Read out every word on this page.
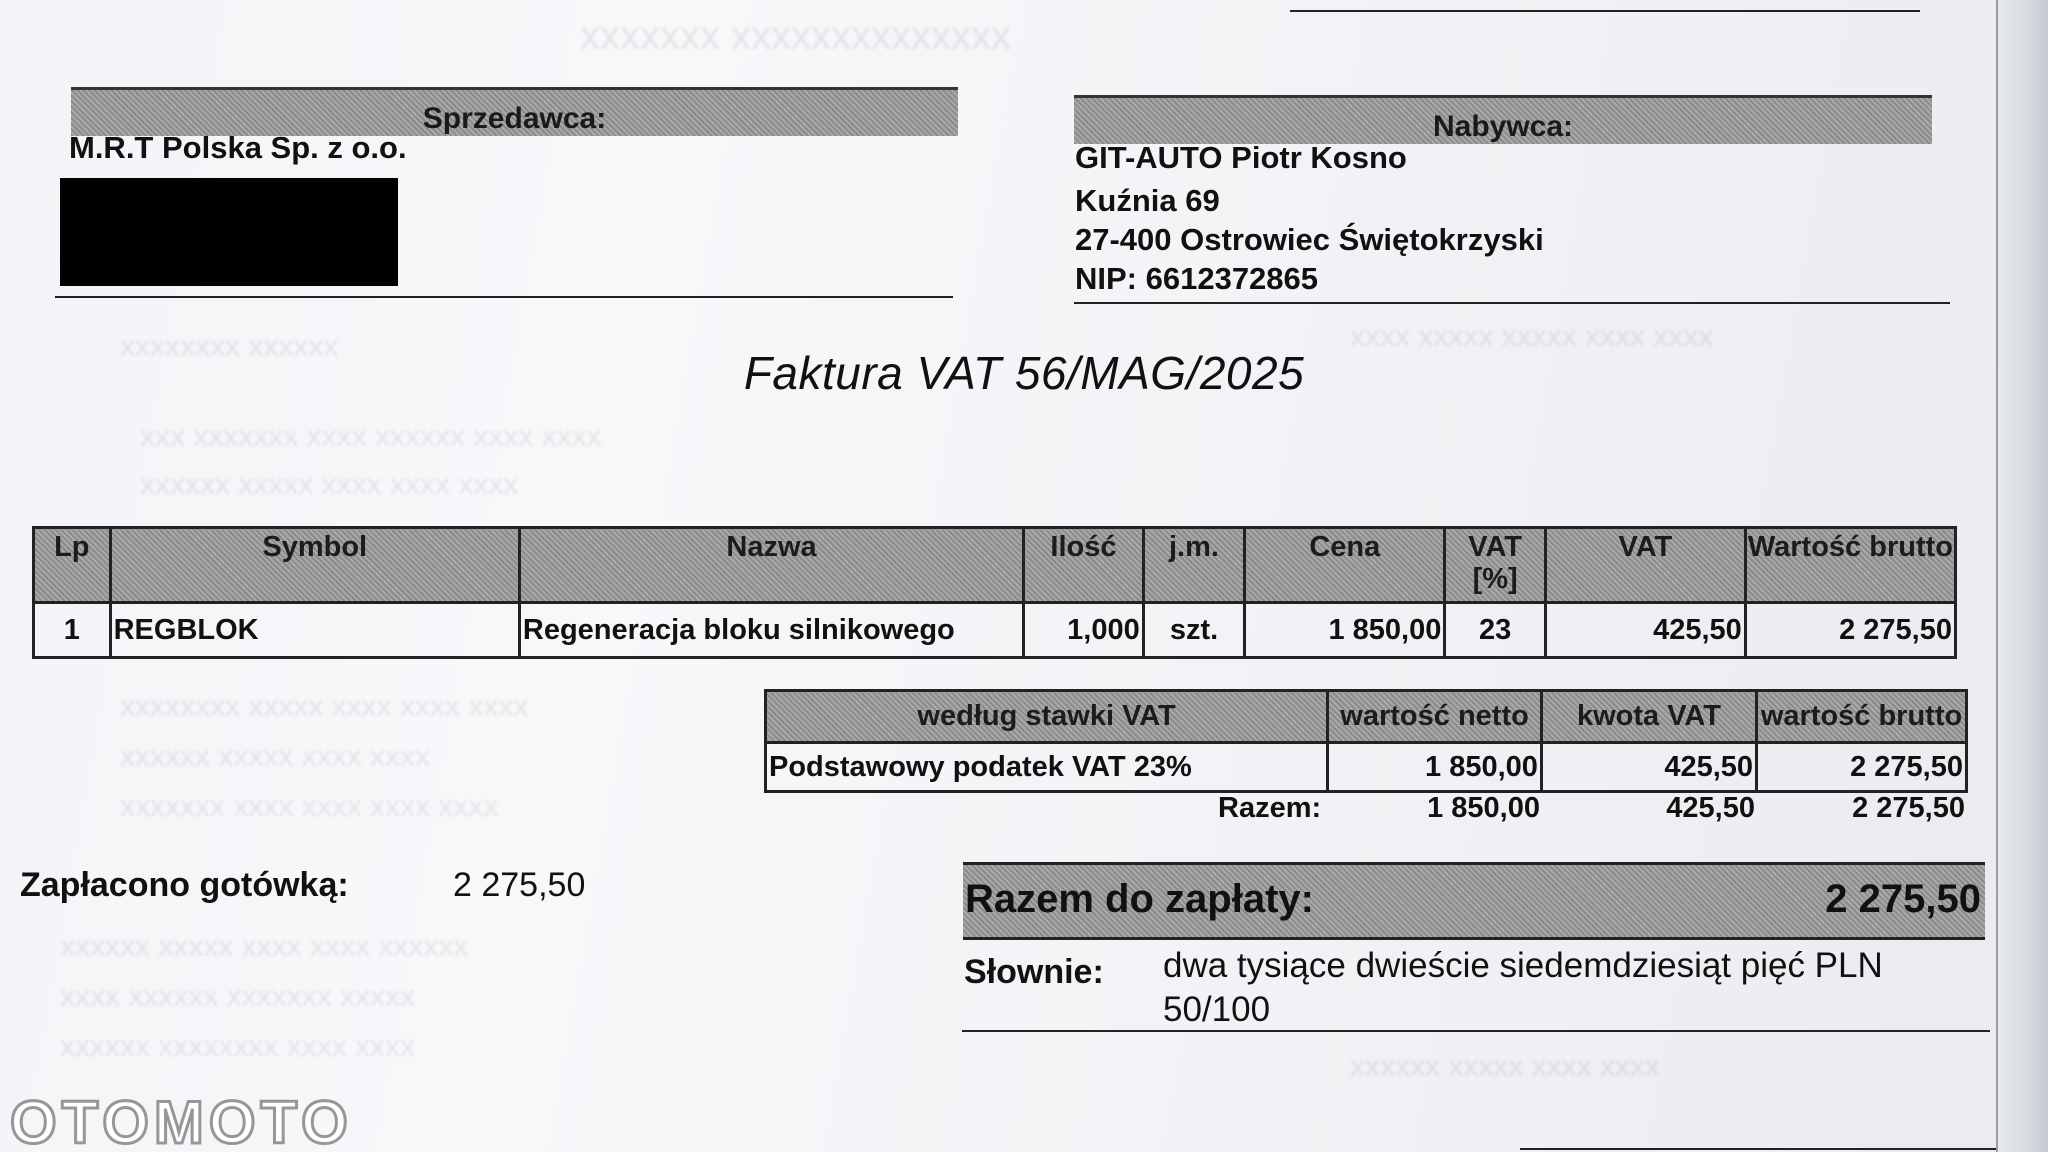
xxxxxxx xxxxxxxxxxxxxx
xxxxxxxx xxxxxx
xxx xxxxxxx xxxx xxxxxx xxxx xxxx
xxxxxx xxxxx xxxx xxxx xxxx
xxxxxxxx xxxxx xxxx xxxx xxxx
xxxxxx xxxxx xxxx xxxx
xxxxxxx xxxx xxxx xxxx xxxx
xxxxxx xxxxx xxxx xxxx xxxxxx
xxxx xxxxxx xxxxxxx xxxxx
xxxxxx xxxxxxxx xxxx xxxx
xxxx xxxxx xxxxx xxxx xxxx
xxxxxx xxxxx xxxx xxxx
Sprzedawca:
M.R.T Polska Sp. z o.o.
Nabywca:
GIT-AUTO Piotr Kosno
Kuźnia 69
27-400 Ostrowiec Świętokrzyski
NIP: 6612372865
Faktura VAT 56/MAG/2025
Lp	Symbol	Nazwa	Ilość	j.m.	Cena	VAT [%]	VAT	Wartość brutto
1	REGBLOK	Regeneracja bloku silnikowego	1,000	szt.	1 850,00	23	425,50	2 275,50
według stawki VAT	wartość netto	kwota VAT	wartość brutto
Podstawowy podatek VAT 23%	1 850,00	425,50	2 275,50
Razem:	1 850,00	425,50	2 275,50
Zapłacono gotówką:	2 275,50	Razem do zapłaty:	2 275,50
Słownie: dwa tysiące dwieście siedemdziesiąt pięć PLN 50/100
OTOMOTO
